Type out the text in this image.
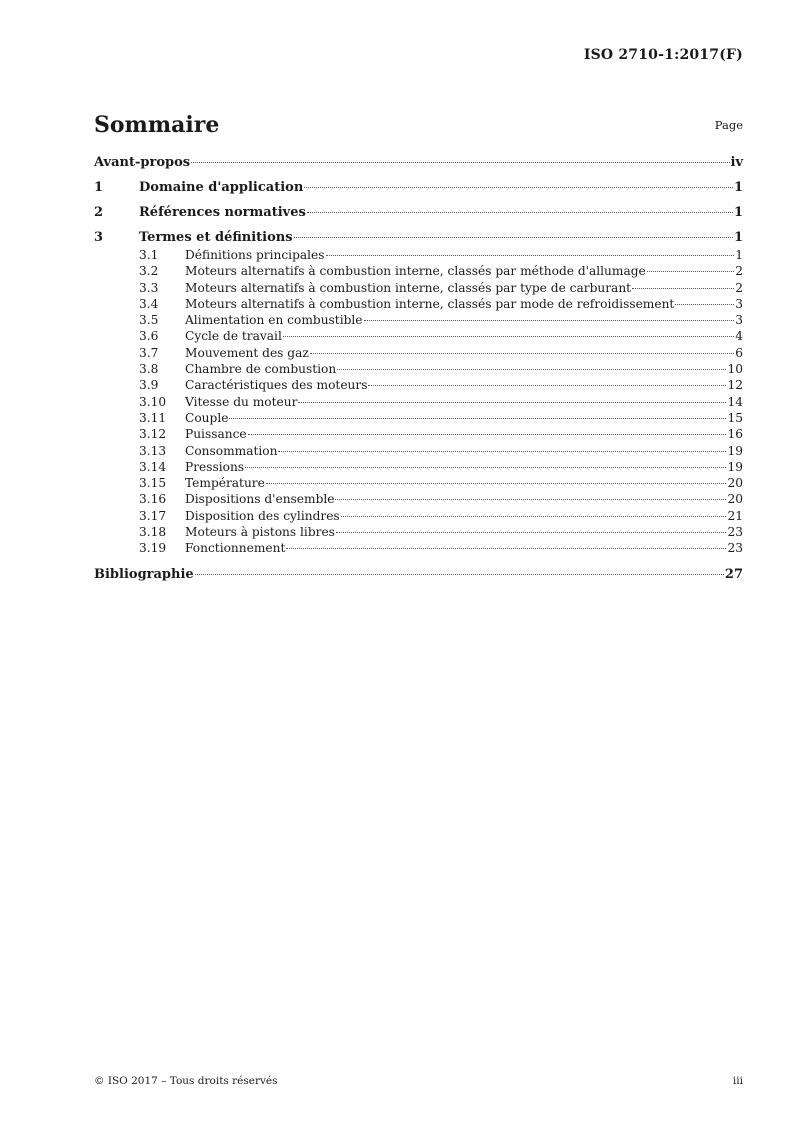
ISO 2710-1:2017(F)
Sommaire	Page
Avant-propos	iv
1	Domaine d'application	1
2	Références normatives	1
3	Termes et définitions	1
3.1	Définitions principales	1
3.2	Moteurs alternatifs à combustion interne, classés par méthode d'allumage	2
3.3	Moteurs alternatifs à combustion interne, classés par type de carburant	2
3.4	Moteurs alternatifs à combustion interne, classés par mode de refroidissement	3
3.5	Alimentation en combustible	3
3.6	Cycle de travail	4
3.7	Mouvement des gaz	6
3.8	Chambre de combustion	10
3.9	Caractéristiques des moteurs	12
3.10	Vitesse du moteur	14
3.11	Couple	15
3.12	Puissance	16
3.13	Consommation	19
3.14	Pressions	19
3.15	Température	20
3.16	Dispositions d'ensemble	20
3.17	Disposition des cylindres	21
3.18	Moteurs à pistons libres	23
3.19	Fonctionnement	23
Bibliographie	27
© ISO 2017 – Tous droits réservés	iii
